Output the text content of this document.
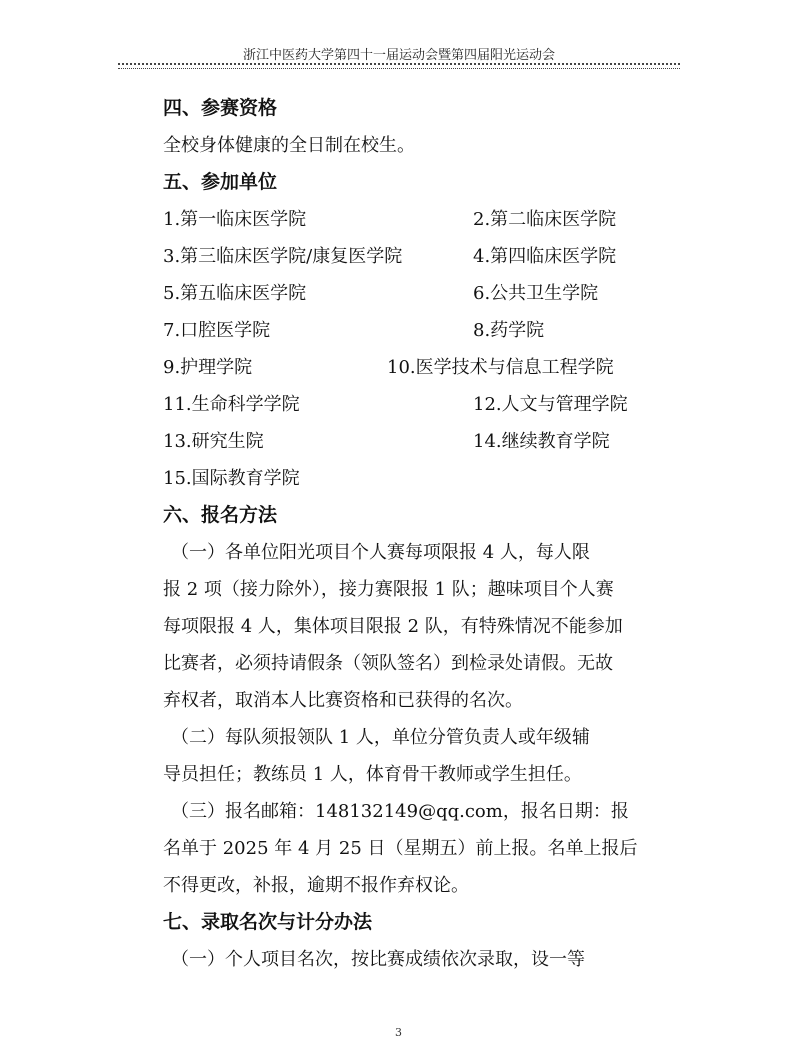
浙江中医药大学第四十一届运动会暨第四届阳光运动会
四、参赛资格
全校身体健康的全日制在校生。
五、参加单位
1.第一临床医学院	2.第二临床医学院
3.第三临床医学院/康复医学院	4.第四临床医学院
5.第五临床医学院	6.公共卫生学院
7.口腔医学院	8.药学院
9.护理学院	10.医学技术与信息工程学院
11.生命科学学院	12.人文与管理学院
13.研究生院	14.继续教育学院
15.国际教育学院
六、报名方法
（一）各单位阳光项目个人赛每项限报 4 人，每人限
报 2 项（接力除外），接力赛限报 1 队；趣味项目个人赛
每项限报 4 人，集体项目限报 2 队，有特殊情况不能参加
比赛者，必须持请假条（领队签名）到检录处请假。无故
弃权者，取消本人比赛资格和已获得的名次。
（二）每队须报领队 1 人，单位分管负责人或年级辅
导员担任；教练员 1 人，体育骨干教师或学生担任。
（三）报名邮箱：148132149@qq.com，报名日期：报
名单于 2025 年 4 月 25 日（星期五）前上报。名单上报后
不得更改，补报，逾期不报作弃权论。
七、录取名次与计分办法
（一）个人项目名次，按比赛成绩依次录取，设一等
3
